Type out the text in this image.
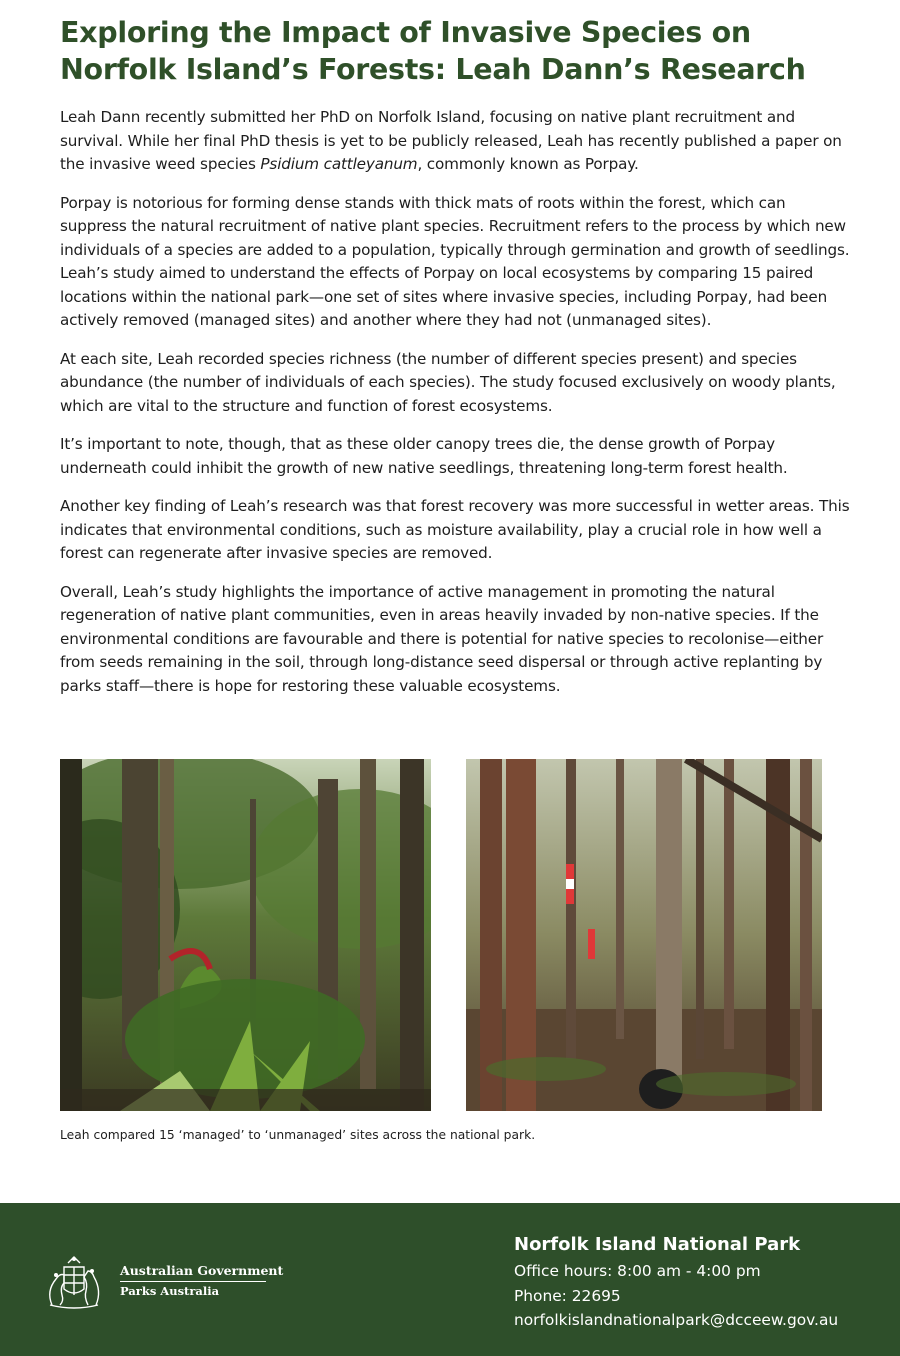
Exploring the Impact of Invasive Species on
Norfolk Island’s Forests: Leah Dann’s Research

Leah Dann recently submitted her PhD on Norfolk Island, focusing on native plant recruitment and survival. While her final PhD thesis is yet to be publicly released, Leah has recently published a paper on the invasive weed species Psidium cattleyanum, commonly known as Porpay.

Porpay is notorious for forming dense stands with thick mats of roots within the forest, which can suppress the natural recruitment of native plant species. Recruitment refers to the process by which new individuals of a species are added to a population, typically through germination and growth of seedlings. Leah’s study aimed to understand the effects of Porpay on local ecosystems by comparing 15 paired locations within the national park—one set of sites where invasive species, including Porpay, had been actively removed (managed sites) and another where they had not (unmanaged sites).

At each site, Leah recorded species richness (the number of different species present) and species abundance (the number of individuals of each species). The study focused exclusively on woody plants, which are vital to the structure and function of forest ecosystems.

It’s important to note, though, that as these older canopy trees die, the dense growth of Porpay underneath could inhibit the growth of new native seedlings, threatening long-term forest health.

Another key finding of Leah’s research was that forest recovery was more successful in wetter areas. This indicates that environmental conditions, such as moisture availability, play a crucial role in how well a forest can regenerate after invasive species are removed.

Overall, Leah’s study highlights the importance of active management in promoting the natural regeneration of native plant communities, even in areas heavily invaded by non-native species. If the environmental conditions are favourable and there is potential for native species to recolonise—either from seeds remaining in the soil, through long-distance seed dispersal or through active replanting by parks staff—there is hope for restoring these valuable ecosystems.

Leah compared 15 ‘managed’ to ‘unmanaged’ sites across the national park.
Australian Government
Parks Australia
Norfolk Island National Park
Office hours: 8:00 am - 4:00 pm
Phone: 22695
norfolkislandnationalpark@dcceew.gov.au
